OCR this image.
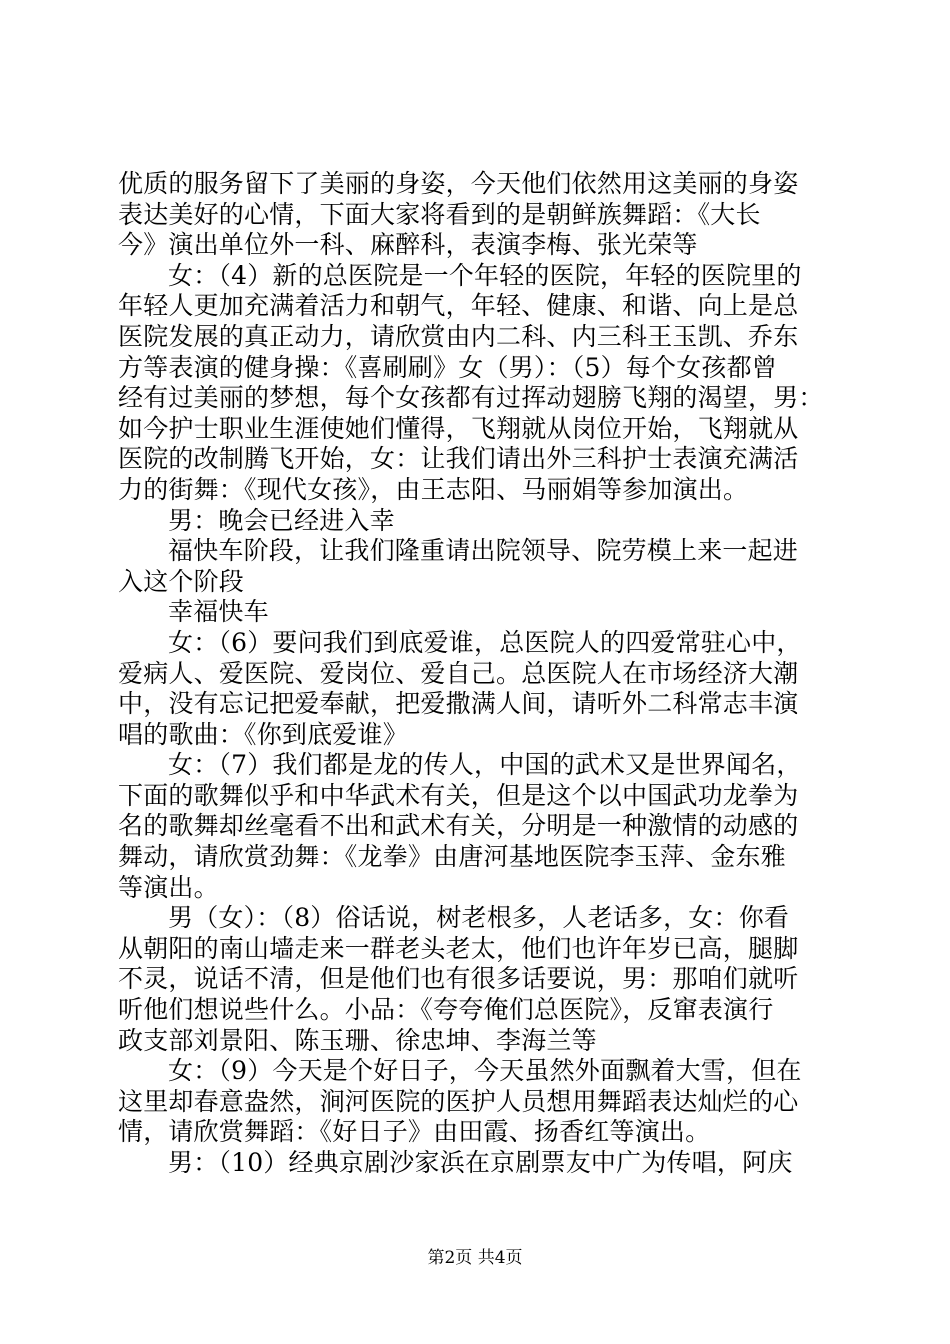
优质的服务留下了美丽的身姿，今天他们依然用这美丽的身姿
表达美好的心情，下面大家将看到的是朝鲜族舞蹈：《大长
今》演出单位外一科、麻醉科，表演李梅、张光荣等
女：（4）新的总医院是一个年轻的医院，年轻的医院里的
年轻人更加充满着活力和朝气，年轻、健康、和谐、向上是总
医院发展的真正动力，请欣赏由内二科、内三科王玉凯、乔东
方等表演的健身操：《喜刷刷》女（男）：（5）每个女孩都曾
经有过美丽的梦想，每个女孩都有过挥动翅膀飞翔的渴望，男：
如今护士职业生涯使她们懂得，飞翔就从岗位开始，飞翔就从
医院的改制腾飞开始，女：让我们请出外三科护士表演充满活
力的街舞：《现代女孩》，由王志阳、马丽娟等参加演出。
男：晚会已经进入幸
福快车阶段，让我们隆重请出院领导、院劳模上来一起进
入这个阶段
幸福快车
女：（6）要问我们到底爱谁，总医院人的四爱常驻心中，
爱病人、爱医院、爱岗位、爱自己。总医院人在市场经济大潮
中，没有忘记把爱奉献，把爱撒满人间，请听外二科常志丰演
唱的歌曲：《你到底爱谁》
女：（7）我们都是龙的传人，中国的武术又是世界闻名，
下面的歌舞似乎和中华武术有关，但是这个以中国武功龙拳为
名的歌舞却丝毫看不出和武术有关，分明是一种激情的动感的
舞动，请欣赏劲舞：《龙拳》由唐河基地医院李玉萍、金东雅
等演出。
男（女）：（8）俗话说，树老根多，人老话多，女：你看
从朝阳的南山墙走来一群老头老太，他们也许年岁已高，腿脚
不灵，说话不清，但是他们也有很多话要说，男：那咱们就听
听他们想说些什么。小品：《夸夸俺们总医院》，反窜表演行
政支部刘景阳、陈玉珊、徐忠坤、李海兰等
女：（9）今天是个好日子，今天虽然外面飘着大雪，但在
这里却春意盎然，涧河医院的医护人员想用舞蹈表达灿烂的心
情，请欣赏舞蹈：《好日子》由田霞、扬香红等演出。
男：（10）经典京剧沙家浜在京剧票友中广为传唱，阿庆
第2页 共4页
